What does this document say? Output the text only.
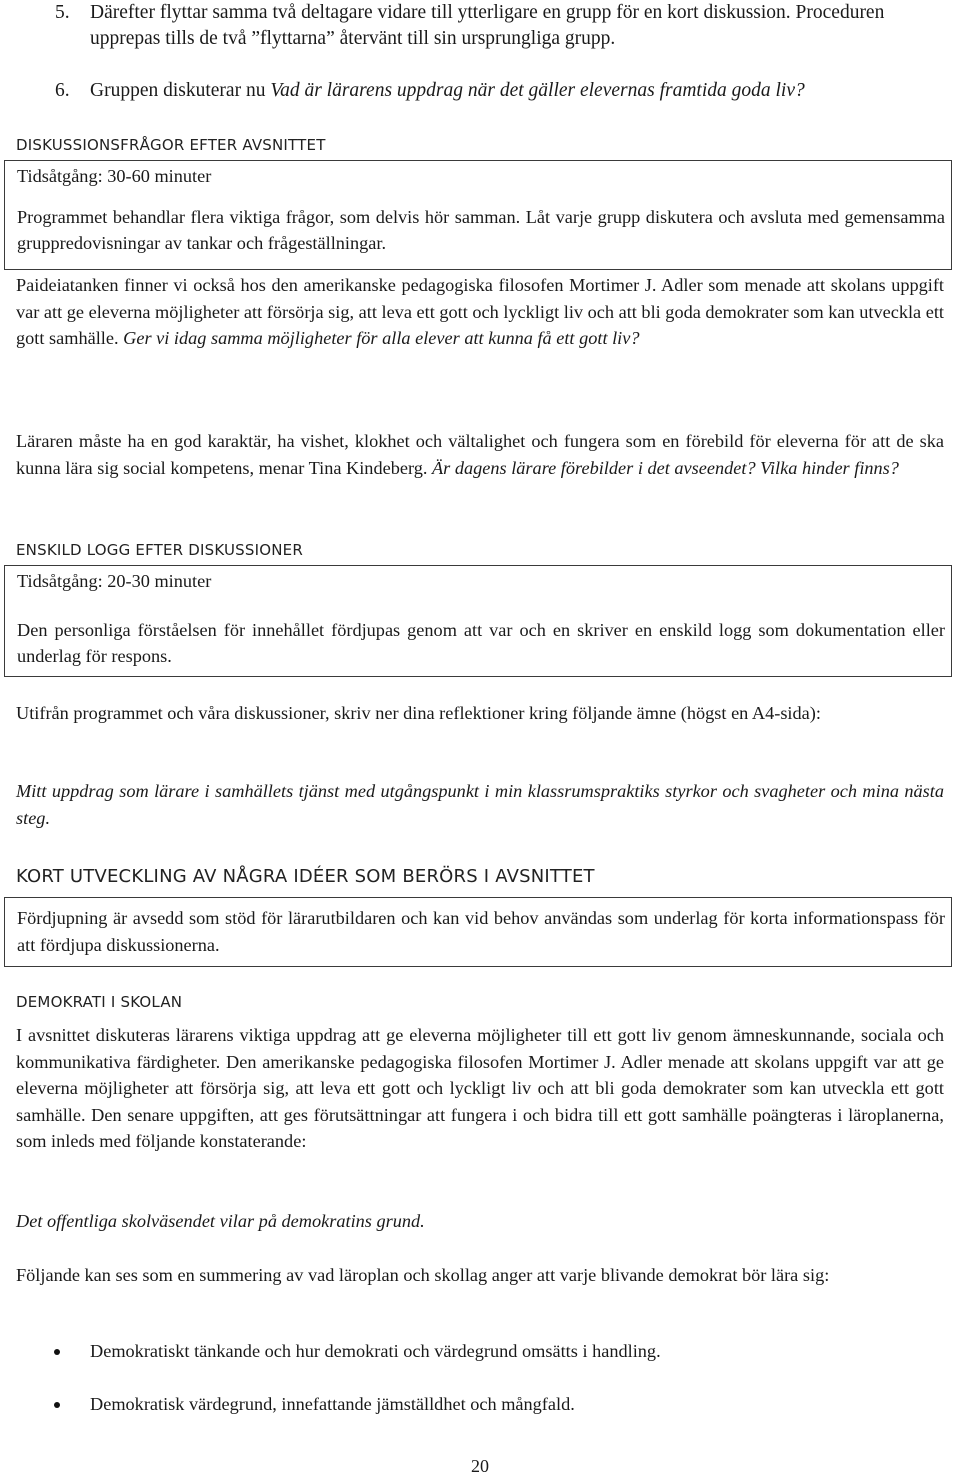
5. Därefter flyttar samma två deltagare vidare till ytterligare en grupp för en kort diskussion. Proceduren upprepas tills de två ”flyttarna” återvänt till sin ursprungliga grupp.
6. Gruppen diskuterar nu Vad är lärarens uppdrag när det gäller elevernas framtida goda liv?
DISKUSSIONSFRÅGOR EFTER AVSNITTET

Tidsåtgång: 30-60 minuter

Programmet behandlar flera viktiga frågor, som delvis hör samman. Låt varje grupp diskutera och avsluta med gemensamma gruppredovisningar av tankar och frågeställningar.

Paideiatanken finner vi också hos den amerikanske pedagogiska filosofen Mortimer J. Adler som menade att skolans uppgift var att ge eleverna möjligheter att försörja sig, att leva ett gott och lyckligt liv och att bli goda demokrater som kan utveckla ett gott samhälle. Ger vi idag samma möjligheter för alla elever att kunna få ett gott liv?
Läraren måste ha en god karaktär, ha vishet, klokhet och vältalighet och fungera som en förebild för eleverna för att de ska kunna lära sig social kompetens, menar Tina Kindeberg. Är dagens lärare förebilder i det avseendet? Vilka hinder finns?
ENSKILD LOGG EFTER DISKUSSIONER

Tidsåtgång: 20-30 minuter

Den personliga förståelsen för innehållet fördjupas genom att var och en skriver en enskild logg som dokumentation eller underlag för respons.

Utifrån programmet och våra diskussioner, skriv ner dina reflektioner kring följande ämne (högst en A4-sida):
Mitt uppdrag som lärare i samhällets tjänst med utgångspunkt i min klassrumspraktiks styrkor och svagheter och mina nästa steg.
KORT UTVECKLING AV NÅGRA IDÉER SOM BERÖRS I AVSNITTET

Fördjupning är avsedd som stöd för lärarutbildaren och kan vid behov användas som underlag för korta informationspass för att fördjupa diskussionerna.

DEMOKRATI I SKOLAN
I avsnittet diskuteras lärarens viktiga uppdrag att ge eleverna möjligheter till ett gott liv genom ämneskunnande, sociala och kommunikativa färdigheter. Den amerikanske pedagogiska filosofen Mortimer J. Adler menade att skolans uppgift var att ge eleverna möjligheter att försörja sig, att leva ett gott och lyckligt liv och att bli goda demokrater som kan utveckla ett gott samhälle. Den senare uppgiften, att ges förutsättningar att fungera i och bidra till ett gott samhälle poängteras i läroplanerna, som inleds med följande konstaterande:
Det offentliga skolväsendet vilar på demokratins grund.
Följande kan ses som en summering av vad läroplan och skollag anger att varje blivande demokrat bör lära sig:
Demokratiskt tänkande och hur demokrati och värdegrund omsätts i handling.
Demokratisk värdegrund, innefattande jämställdhet och mångfald.
20
